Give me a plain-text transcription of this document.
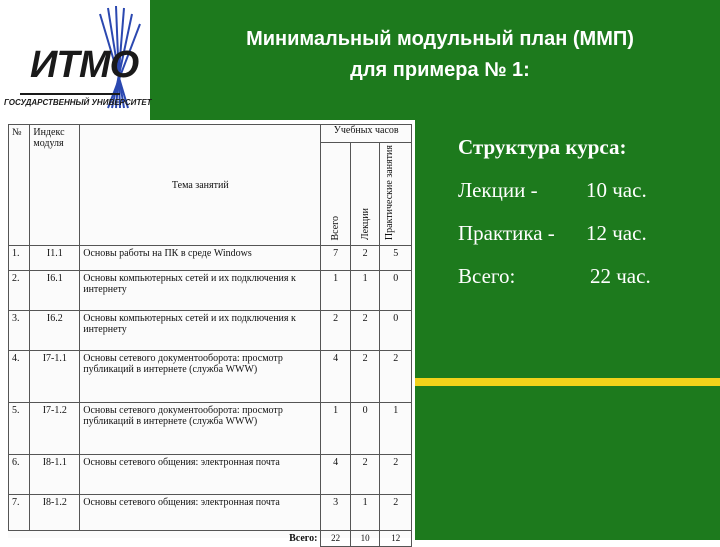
ИТМО
ГОСУДАРСТВЕННЫЙ УНИВЕРСИТЕТ
Минимальный модульный план (ММП)
для примера № 1:
№	Индекс модуля	Тема занятий	Учебных часов		
			Всего	Лекции	Практические занятия
1.	I1.1	Основы работы на ПК в среде Windows	7	2	5
2.	I6.1	Основы компьютерных сетей и их подключения к интернету	1	1	0
3.	I6.2	Основы компьютерных сетей и их подключения к интернету	2	2	0
4.	I7-1.1	Основы сетевого документооборота: просмотр публикаций в интернете (служба WWW)	4	2	2
5.	I7-1.2	Основы сетевого документооборота: просмотр публикаций в интернете (служба WWW)	1	0	1
6.	I8-1.1	Основы сетевого общения: электронная почта	4	2	2
7.	I8-1.2	Основы сетевого общения: электронная почта	3	1	2
Всего:			22	10	12
Структура курса:
Лекции - 10 час.
Практика - 12 час.
Всего:	22 час.
